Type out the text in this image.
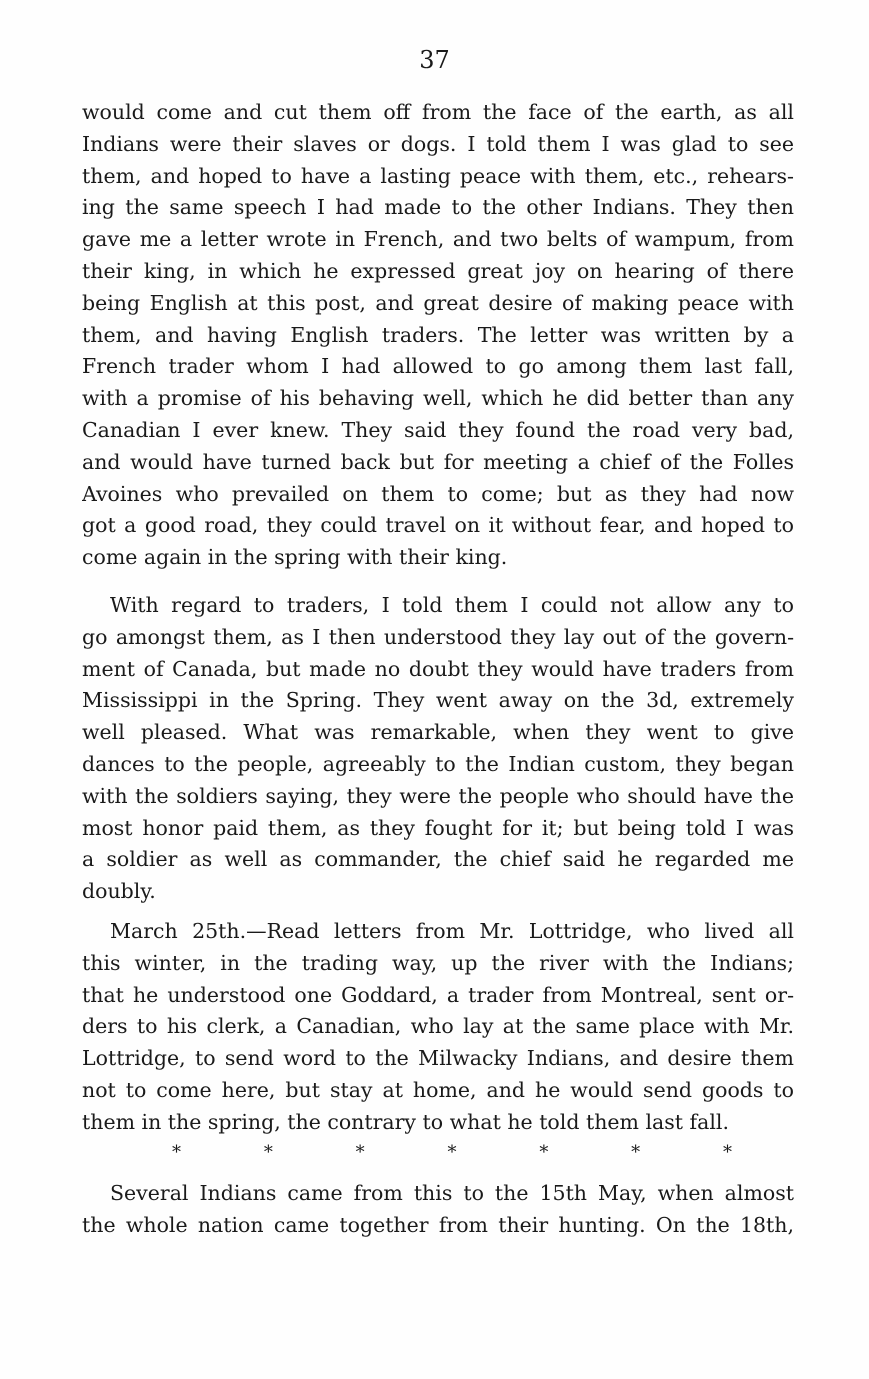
37
would come and cut them off from the face of the earth, as all
Indians were their slaves or dogs. I told them I was glad to see
them, and hoped to have a lasting peace with them, etc., rehears-
ing the same speech I had made to the other Indians. They then
gave me a letter wrote in French, and two belts of wampum, from
their king, in which he expressed great joy on hearing of there
being English at this post, and great desire of making peace with
them, and having English traders. The letter was written by a
French trader whom I had allowed to go among them last fall,
with a promise of his behaving well, which he did better than any
Canadian I ever knew. They said they found the road very bad,
and would have turned back but for meeting a chief of the Folles
Avoines who prevailed on them to come; but as they had now
got a good road, they could travel on it without fear, and hoped to
come again in the spring with their king.
With regard to traders, I told them I could not allow any to
go amongst them, as I then understood they lay out of the govern-
ment of Canada, but made no doubt they would have traders from
Mississippi in the Spring. They went away on the 3d, extremely
well pleased. What was remarkable, when they went to give
dances to the people, agreeably to the Indian custom, they began
with the soldiers saying, they were the people who should have the
most honor paid them, as they fought for it; but being told I was
a soldier as well as commander, the chief said he regarded me
doubly.
March 25th.—Read letters from Mr. Lottridge, who lived all
this winter, in the trading way, up the river with the Indians;
that he understood one Goddard, a trader from Montreal, sent or-
ders to his clerk, a Canadian, who lay at the same place with Mr.
Lottridge, to send word to the Milwacky Indians, and desire them
not to come here, but stay at home, and he would send goods to
them in the spring, the contrary to what he told them last fall.
*	*	*	*	*	*	*
Several Indians came from this to the 15th May, when almost
the whole nation came together from their hunting. On the 18th,
